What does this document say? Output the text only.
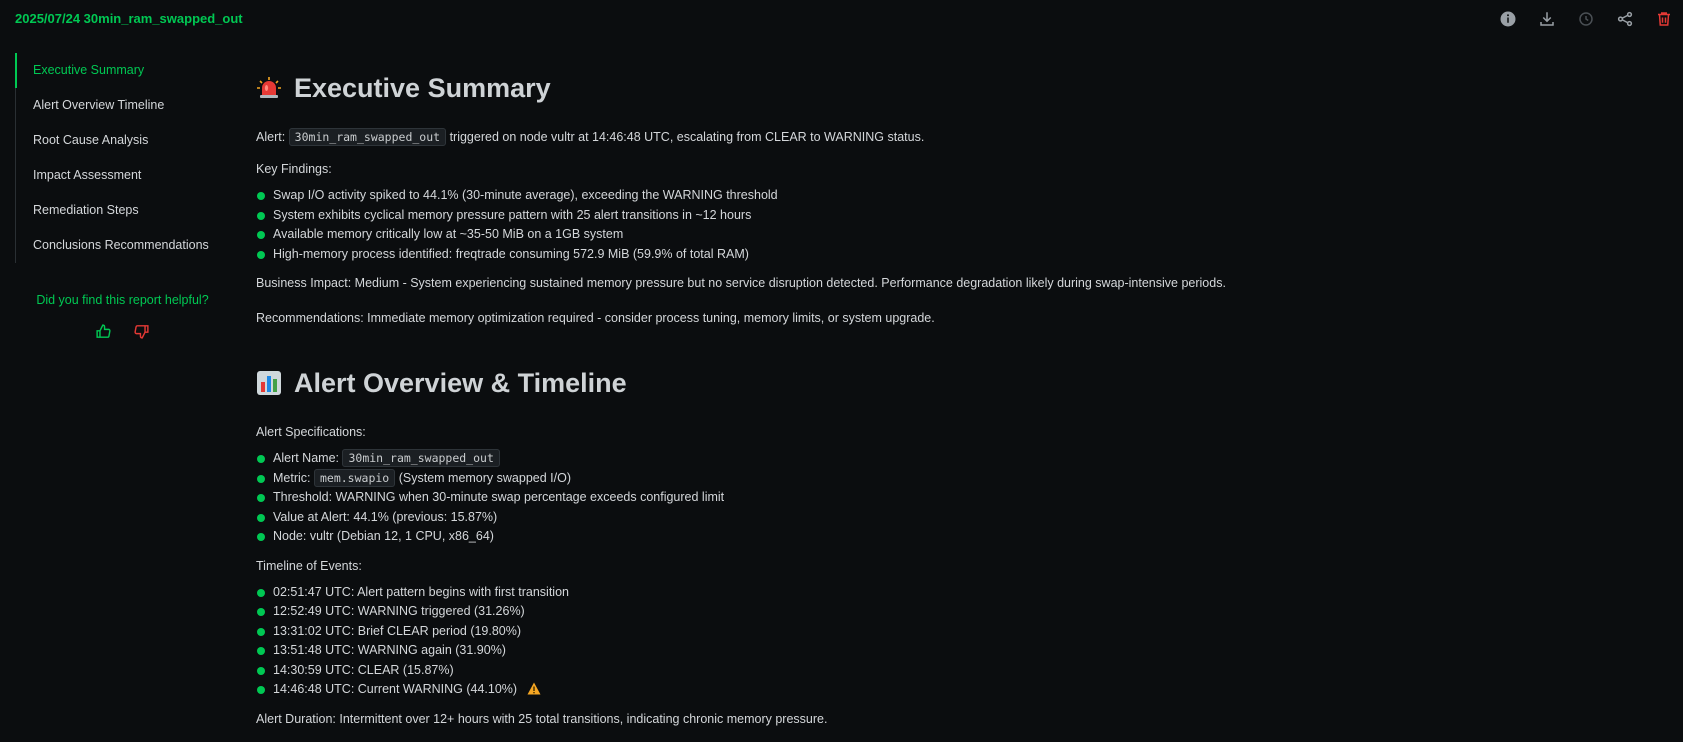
2025/07/24 30min_ram_swapped_out
Executive Summary
Alert Overview Timeline
Root Cause Analysis
Impact Assessment
Remediation Steps
Conclusions Recommendations
Did you find this report helpful?
Executive Summary

Alert: 30min_ram_swapped_out triggered on node vultr at 14:46:48 UTC, escalating from CLEAR to WARNING status.

Key Findings:

Swap I/O activity spiked to 44.1% (30-minute average), exceeding the WARNING threshold
System exhibits cyclical memory pressure pattern with 25 alert transitions in ~12 hours
Available memory critically low at ~35-50 MiB on a 1GB system
High-memory process identified: freqtrade consuming 572.9 MiB (59.9% of total RAM)

Business Impact: Medium - System experiencing sustained memory pressure but no service disruption detected. Performance degradation likely during swap-intensive periods.

Recommendations: Immediate memory optimization required - consider process tuning, memory limits, or system upgrade.

Alert Overview & Timeline

Alert Specifications:

Alert Name: 30min_ram_swapped_out
Metric: mem.swapio (System memory swapped I/O)
Threshold: WARNING when 30-minute swap percentage exceeds configured limit
Value at Alert: 44.1% (previous: 15.87%)
Node: vultr (Debian 12, 1 CPU, x86_64)

Timeline of Events:

02:51:47 UTC: Alert pattern begins with first transition
12:52:49 UTC: WARNING triggered (31.26%)
13:31:02 UTC: Brief CLEAR period (19.80%)
13:51:48 UTC: WARNING again (31.90%)
14:30:59 UTC: CLEAR (15.87%)
14:46:48 UTC: Current WARNING (44.10%)

Alert Duration: Intermittent over 12+ hours with 25 total transitions, indicating chronic memory pressure.
